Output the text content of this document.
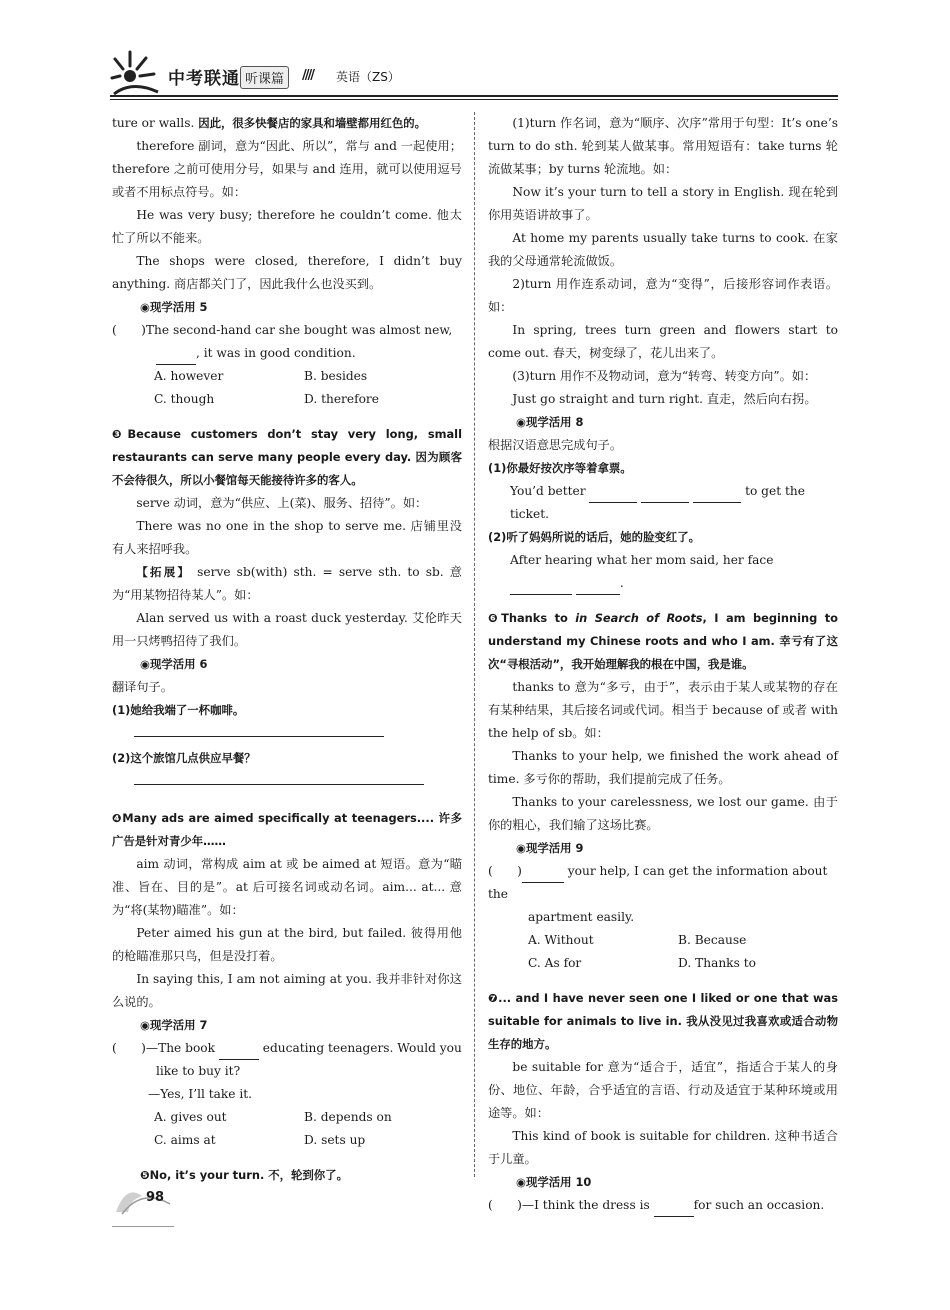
中考联通 听课篇	//// 英语（ZS）

ture or walls. 因此，很多快餐店的家具和墙壁都用红色的。

therefore 副词，意为“因此、所以”，常与 and 一起使用；therefore 之前可使用分号，如果与 and 连用，就可以使用逗号或者不用标点符号。如：

He was very busy; therefore he couldn’t come. 他太忙了所以不能来。

The shops were closed, therefore, I didn’t buy anything. 商店都关门了，因此我什么也没买到。

◉现学活用 5

(　　)The second-hand car she bought was almost new,

, it was in good condition.

A. however	B. besides
C. though	D. therefore

❸Because customers don’t stay very long, small restaurants can serve many people every day. 因为顾客不会待很久，所以小餐馆每天能接待许多的客人。

serve 动词，意为“供应、上(菜)、服务、招待”。如：

There was no one in the shop to serve me. 店铺里没有人来招呼我。

【拓展】 serve sb(with) sth. = serve sth. to sb. 意为“用某物招待某人”。如：

Alan served us with a roast duck yesterday. 艾伦昨天用一只烤鸭招待了我们。

◉现学活用 6

翻译句子。

(1)她给我端了一杯咖啡。

(2)这个旅馆几点供应早餐？

❹Many ads are aimed specifically at teenagers.... 许多广告是针对青少年……

aim 动词，常构成 aim at 或 be aimed at 短语。意为“瞄准、旨在、目的是”。at 后可接名词或动名词。aim... at... 意为“将(某物)瞄准”。如：

Peter aimed his gun at the bird, but failed. 彼得用他的枪瞄准那只鸟，但是没打着。

In saying this, I am not aiming at you. 我并非针对你这么说的。

◉现学活用 7

(　　)—The book	educating teenagers. Would you

like to buy it?

—Yes, I’ll take it.

A. gives out	B. depends on
C. aims at	D. sets up

❺No, it’s your turn. 不，轮到你了。

(1)turn 作名词，意为“顺序、次序”常用于句型：It’s one’s turn to do sth. 轮到某人做某事。常用短语有：take turns 轮流做某事；by turns 轮流地。如：

Now it’s your turn to tell a story in English. 现在轮到你用英语讲故事了。

At home my parents usually take turns to cook. 在家我的父母通常轮流做饭。

2)turn 用作连系动词，意为“变得”，后接形容词作表语。如：

In spring, trees turn green and flowers start to come out. 春天，树变绿了，花儿出来了。

(3)turn 用作不及物动词，意为“转弯、转变方向”。如：

Just go straight and turn right. 直走，然后向右拐。

◉现学活用 8

根据汉语意思完成句子。

(1)你最好按次序等着拿票。

You’d better	to get the ticket.

(2)听了妈妈所说的话后，她的脸变红了。

After hearing what her mom said, her face

.

❻Thanks to in Search of Roots, I am beginning to understand my Chinese roots and who I am. 幸亏有了这次“寻根活动”，我开始理解我的根在中国，我是谁。

thanks to 意为“多亏，由于”，表示由于某人或某物的存在有某种结果，其后接名词或代词。相当于 because of 或者 with the help of sb。如：

Thanks to your help, we finished the work ahead of time. 多亏你的帮助，我们提前完成了任务。

Thanks to your carelessness, we lost our game. 由于你的粗心，我们输了这场比赛。

◉现学活用 9

(　　)	your help, I can get the information about the

apartment easily.

A. Without	B. Because
C. As for	D. Thanks to

❼... and I have never seen one I liked or one that was suitable for animals to live in. 我从没见过我喜欢或适合动物生存的地方。

be suitable for 意为“适合于，适宜”，指适合于某人的身份、地位、年龄，合乎适宜的言语、行动及适宜于某种环境或用途等。如：

This kind of book is suitable for children. 这种书适合于儿童。

◉现学活用 10

(　　)—I think the dress is	for such an occasion.

98
